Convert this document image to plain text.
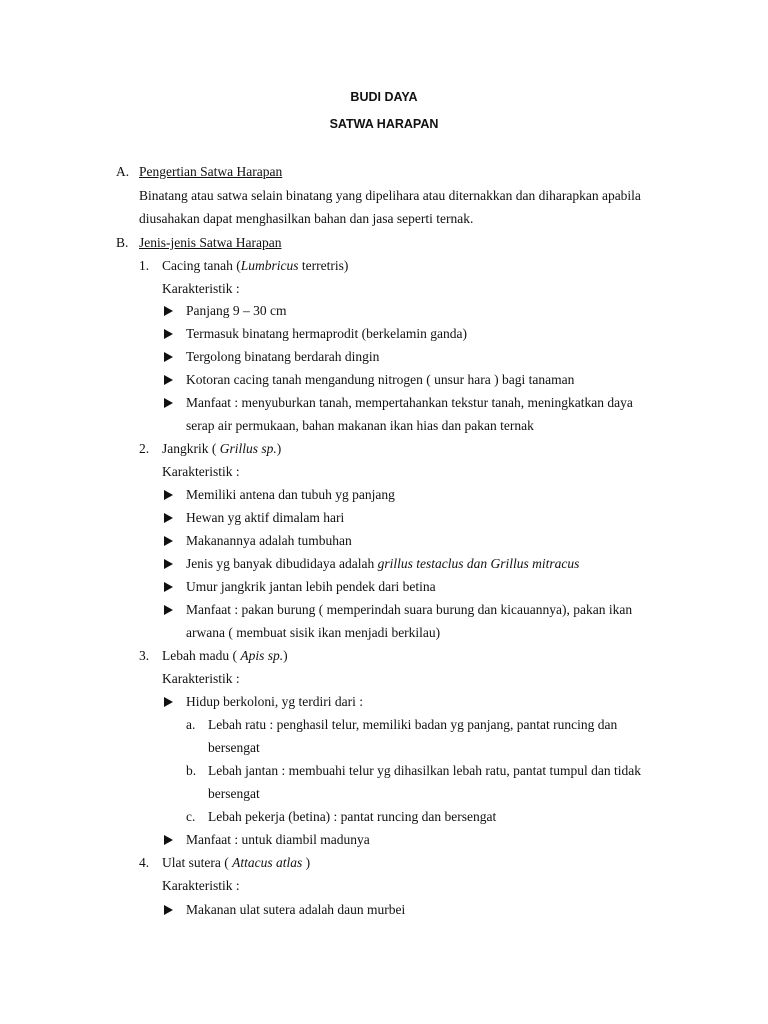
BUDI DAYA
SATWA HARAPAN
A. Pengertian Satwa Harapan
Binatang atau satwa selain binatang yang dipelihara atau diternakkan dan diharapkan apabila
diusahakan dapat menghasilkan bahan dan jasa seperti ternak.
B. Jenis-jenis Satwa Harapan
1. Cacing tanah (Lumbricus terretris)
Karakteristik :
Panjang 9 – 30 cm
Termasuk binatang hermaprodit (berkelamin ganda)
Tergolong binatang berdarah dingin
Kotoran cacing tanah mengandung nitrogen ( unsur hara ) bagi tanaman
Manfaat : menyuburkan tanah, mempertahankan tekstur tanah, meningkatkan daya
serap air permukaan, bahan makanan ikan hias dan pakan ternak
2. Jangkrik ( Grillus sp.)
Karakteristik :
Memiliki antena dan tubuh yg panjang
Hewan yg aktif dimalam hari
Makanannya adalah tumbuhan
Jenis yg banyak dibudidaya adalah grillus testaclus dan Grillus mitracus
Umur jangkrik jantan lebih pendek dari betina
Manfaat : pakan burung ( memperindah suara burung dan kicauannya), pakan ikan
arwana ( membuat sisik ikan menjadi berkilau)
3. Lebah madu ( Apis sp.)
Karakteristik :
Hidup berkoloni, yg terdiri dari :
a. Lebah ratu : penghasil telur, memiliki badan yg panjang, pantat runcing dan
bersengat
b. Lebah jantan : membuahi telur yg dihasilkan lebah ratu, pantat tumpul dan tidak
bersengat
c. Lebah pekerja (betina) : pantat runcing dan bersengat
Manfaat : untuk diambil madunya
4. Ulat sutera ( Attacus atlas )
Karakteristik :
Makanan ulat sutera adalah daun murbei
